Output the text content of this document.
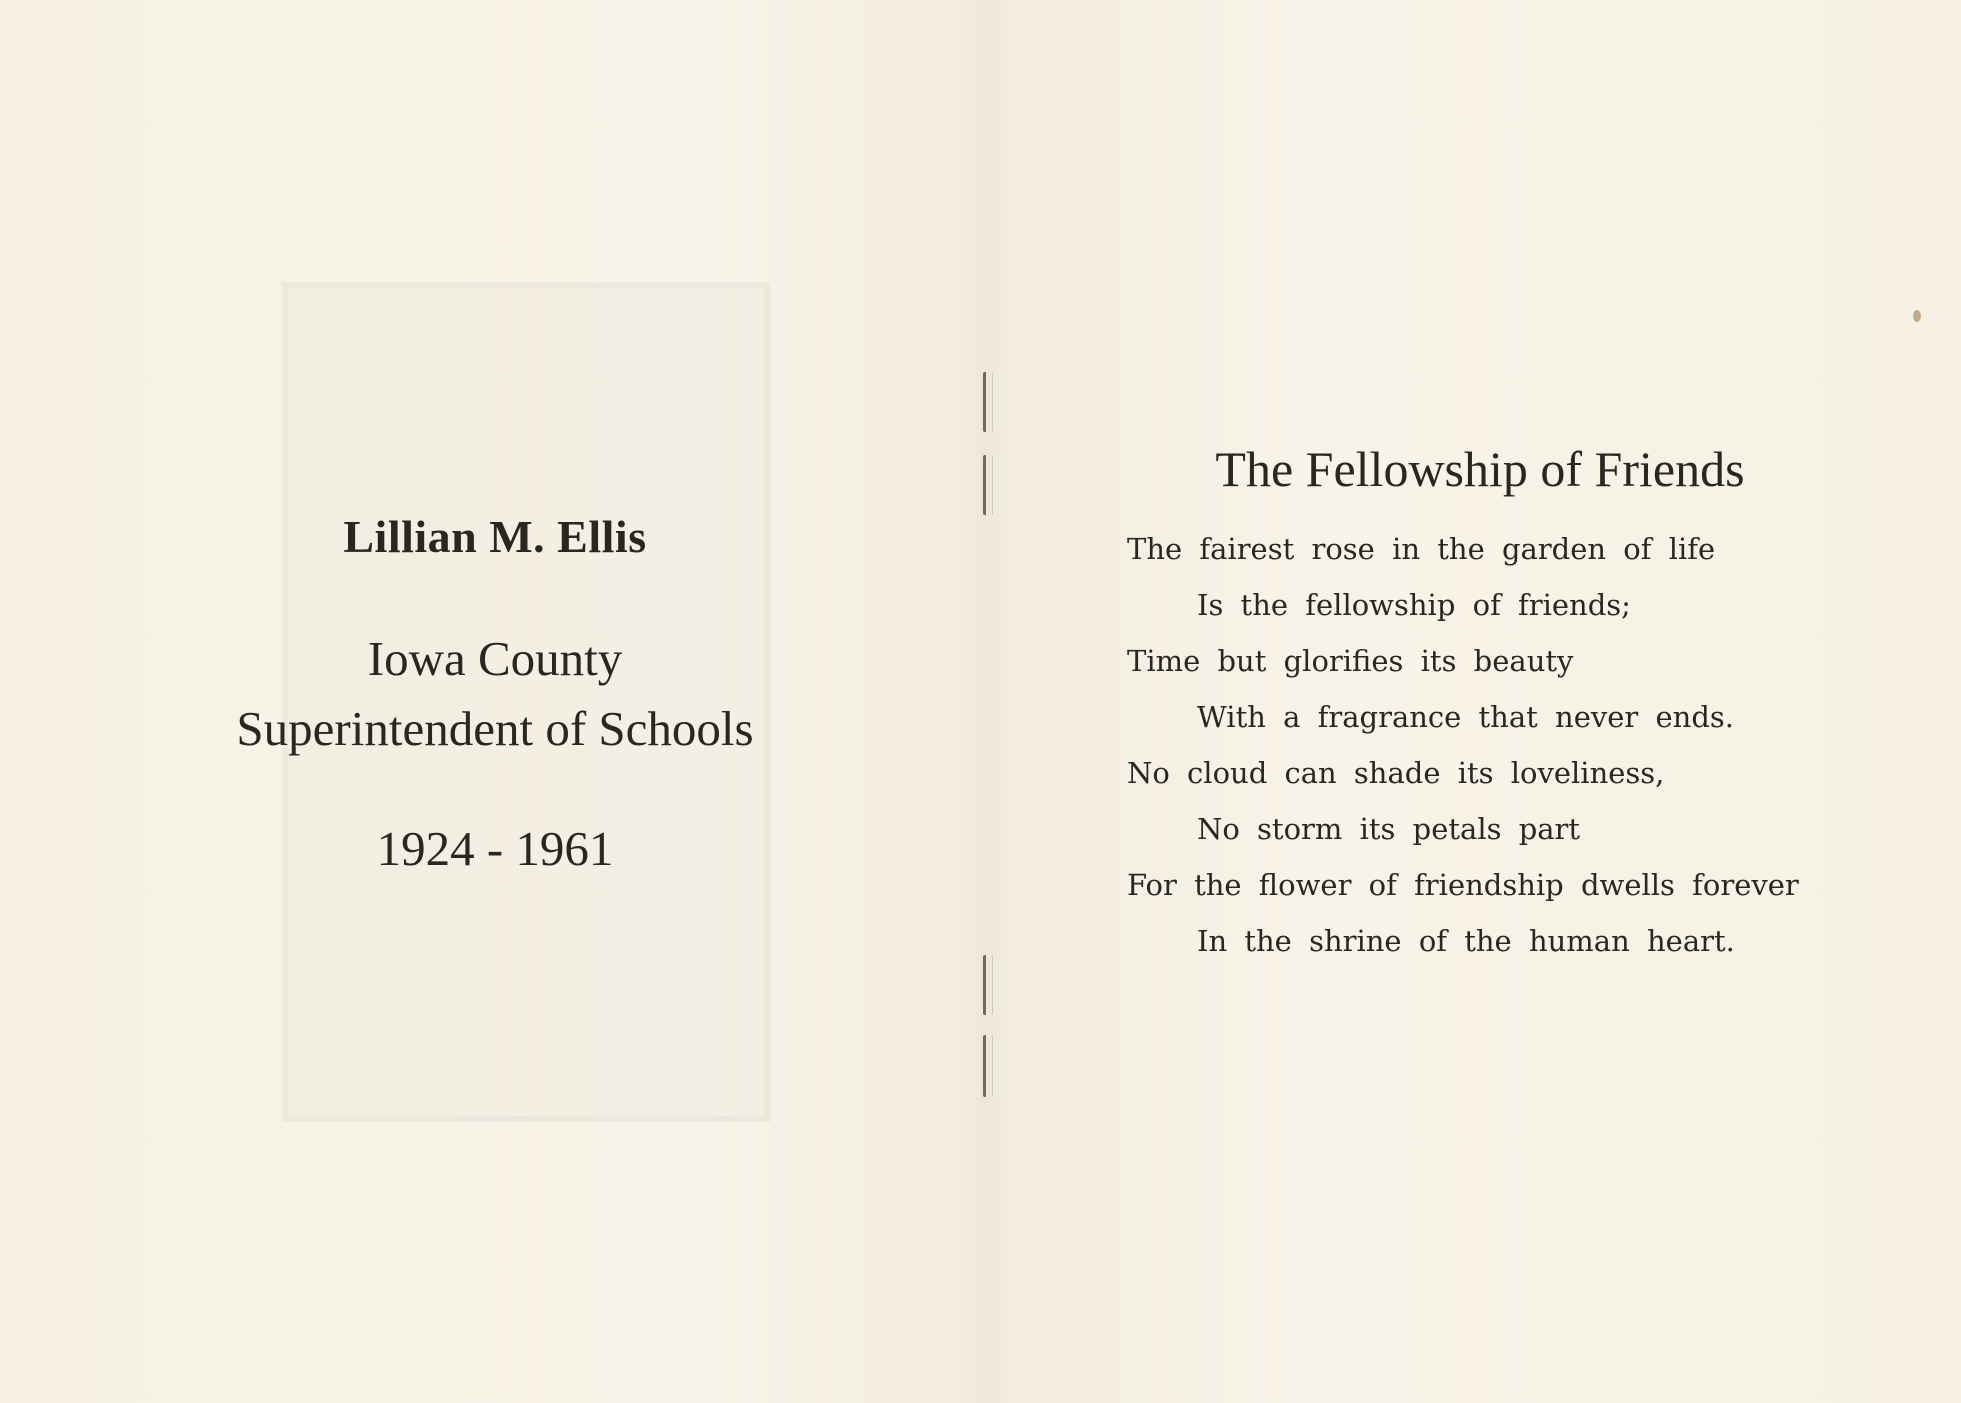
Lillian M. Ellis
Iowa County
Superintendent of Schools
1924 - 1961
The Fellowship of Friends
The fairest rose in the garden of life
Is the fellowship of friends;
Time but glorifies its beauty
With a fragrance that never ends.
No cloud can shade its loveliness,
No storm its petals part
For the flower of friendship dwells forever
In the shrine of the human heart.
